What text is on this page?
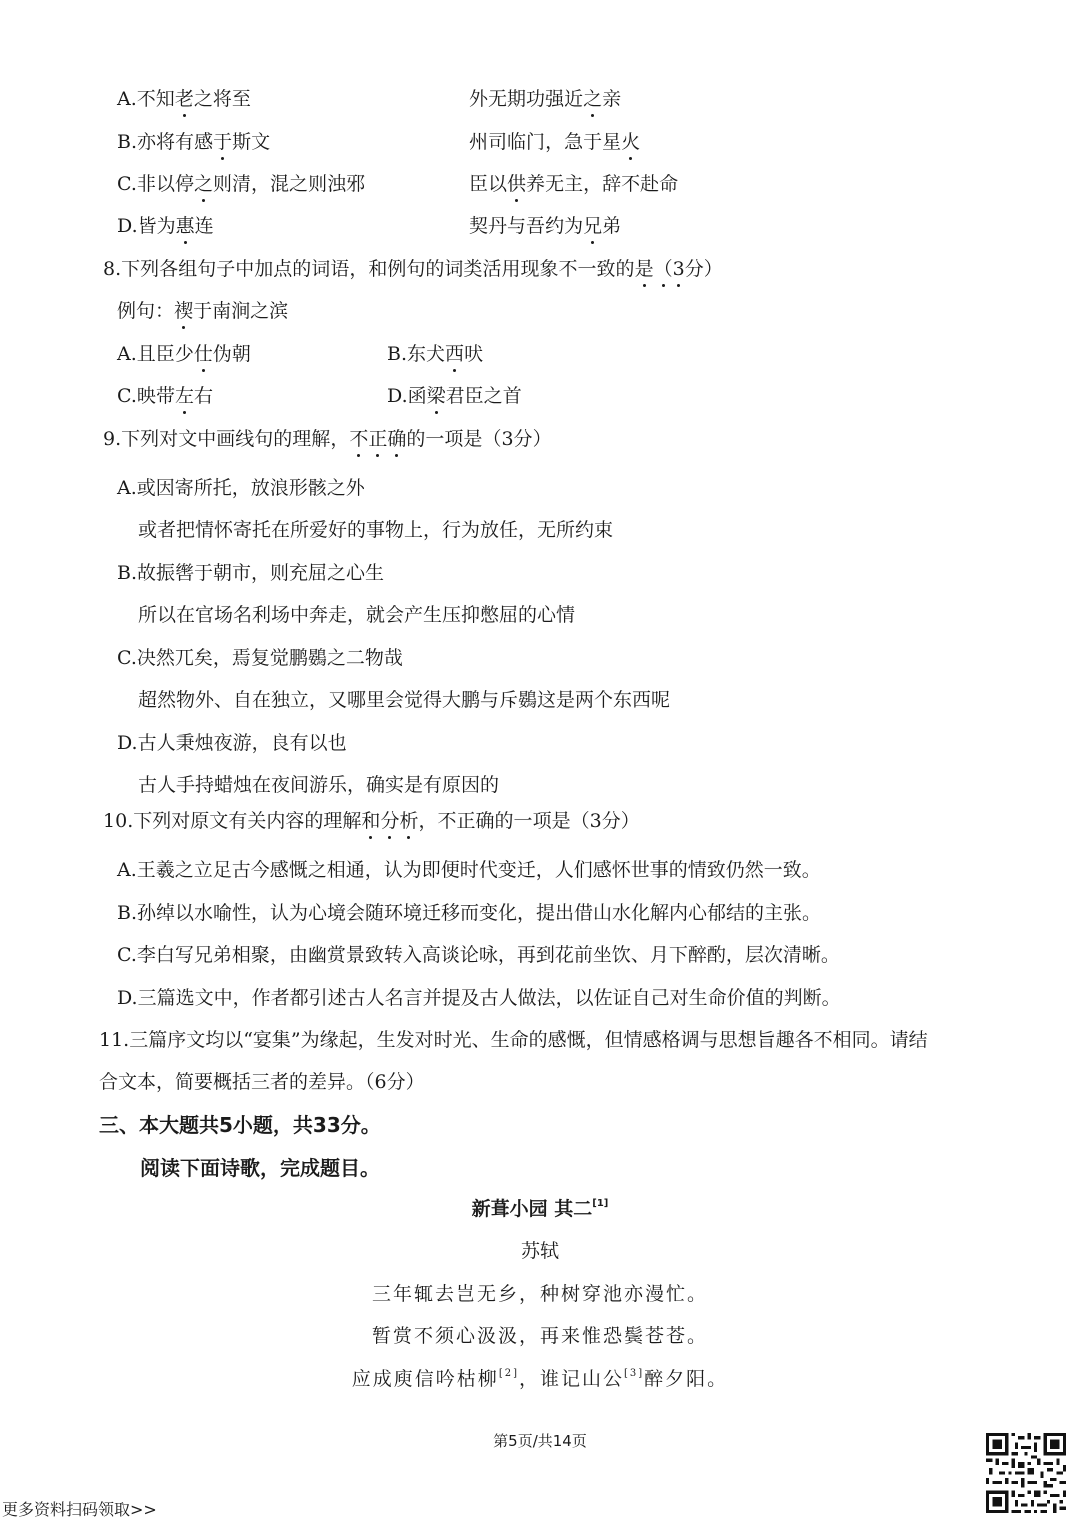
A.不知老之将至	外无期功强近之亲
B.亦将有感于斯文	州司临门，急于星火
C.非以停之则清，混之则浊邪	臣以供养无主，辞不赴命
D.皆为惠连	契丹与吾约为兄弟
8.下列各组句子中加点的词语，和例句的词类活用现象不一致的是（3分）
例句：禊于南涧之滨
A.且臣少仕伪朝	B.东犬西吠
C.映带左右	D.函梁君臣之首
9.下列对文中画线句的理解，不正确的一项是（3分）
A.或因寄所托，放浪形骸之外
或者把情怀寄托在所爱好的事物上，行为放任，无所约束
B.故振辔于朝市，则充屈之心生
所以在官场名利场中奔走，就会产生压抑憋屈的心情
C.决然兀矣，焉复觉鹏鷃之二物哉
超然物外、自在独立，又哪里会觉得大鹏与斥鷃这是两个东西呢
D.古人秉烛夜游，良有以也
古人手持蜡烛在夜间游乐，确实是有原因的
10.下列对原文有关内容的理解和分析，不正确的一项是（3分）
A.王羲之立足古今感慨之相通，认为即便时代变迁，人们感怀世事的情致仍然一致。
B.孙绰以水喻性，认为心境会随环境迁移而变化，提出借山水化解内心郁结的主张。
C.李白写兄弟相聚，由幽赏景致转入高谈论咏，再到花前坐饮、月下醉酌，层次清晰。
D.三篇选文中，作者都引述古人名言并提及古人做法，以佐证自己对生命价值的判断。
11.三篇序文均以“宴集”为缘起，生发对时光、生命的感慨，但情感格调与思想旨趣各不相同。请结
合文本，简要概括三者的差异。（6分）
三、本大题共5小题，共33分。
阅读下面诗歌，完成题目。
新葺小园 其二[1]
苏轼
三年辄去岂无乡，种树穿池亦漫忙。
暂赏不须心汲汲，再来惟恐鬓苍苍。
应成庾信吟枯柳[2]，谁记山公[3]醉夕阳。
第5页/共14页
更多资料扫码领取>>
